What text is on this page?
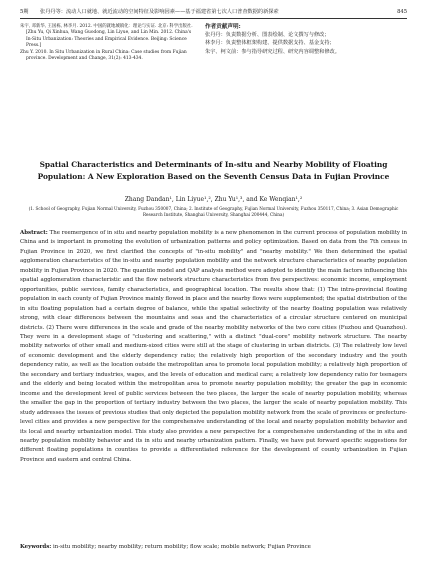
5期 张丹丹等：流动人口就地、就近流动的空间特征及影响因素——基于福建省第七次人口普查数据的新探索	845

朱宇, 邓新华, 王国栋, 林李月. 2012. 中国的就地城镇化：理论与实证. 北京: 科学出版社. [Zhu Yu, Qi Xinhua, Wang Guodong, Lin Liyue, and Lin Min. 2012. China's In-Situ Urbanization: Theories and Empirical Evidence. Beijing: Science Press.]

Zhu Y. 2010. In Situ Urbanization in Rural China: Case studies from Fujian province. Development and Change, 31(2): 413-434.

作者贡献声明:

张丹丹：负责数据分析、图表绘制、论文撰写与修改；

林李月：负责整体框架构建、提供数据支持、基金支持；

朱宇、柯文前：参与指导研究过程、研究内容调整和修改。

Spatial Characteristics and Determinants of In-situ and Nearby Mobility of Floating Population: A New Exploration Based on the Seventh Census Data in Fujian Province
Zhang Dandan¹, Lin Liyue¹,², Zhu Yu¹,³, and Ke Wenqian¹,²
(1. School of Geography, Fujian Normal University, Fuzhou 350007, China; 2. Institute of Geography, Fujian Normal University, Fuzhou 350117, China; 3. Asian Demographic Research Institute, Shanghai University, Shanghai 200444, China)
Abstract: The reemergence of in situ and nearby population mobility is a new phenomenon in the current process of population mobility in China and is important in promoting the evolution of urbanization patterns and policy optimization. Based on data from the 7th census in Fujian Province in 2020, we first clarified the concepts of "in-situ mobility" and "nearby mobility." We then determined the spatial agglomeration characteristics of the in-situ and nearby population mobility and the network structure characteristics of nearby population mobility in Fujian Province in 2020. The quantile model and QAP analysis method were adopted to identify the main factors influencing this spatial agglomeration characteristic and the flow network structure characteristics from five perspectives: economic income, employment opportunities, public services, family characteristics, and geographical location. The results show that: (1) The intra-provincial floating population in each county of Fujian Province mainly flowed in place and the nearby flows were supplemented; the spatial distribution of the in situ floating population had a certain degree of balance, while the spatial selectivity of the nearby floating population was relatively strong, with clear differences between the mountains and seas and the characteristics of a circular structure centered on municipal districts. (2) There were differences in the scale and grade of the nearby mobility networks of the two core cities (Fuzhou and Quanzhou). They were in a development stage of "clustering and scattering," with a distinct "dual-core" mobility network structure. The nearby mobility networks of other small and medium-sized cities were still at the stage of clustering in urban districts. (3) The relatively low level of economic development and the elderly dependency ratio; the relatively high proportion of the secondary industry and the youth dependency ratio, as well as the location outside the metropolitan area to promote local population mobility; a relatively high proportion of the secondary and tertiary industries, wages, and the levels of education and medical care; a relatively low dependency ratio for teenagers and the elderly and being located within the metropolitan area to promote nearby population mobility; the greater the gap in economic income and the development level of public services between the two places, the larger the scale of nearby population mobility, whereas the smaller the gap in the proportion of tertiary industry between the two places, the larger the scale of nearby population mobility. This study addresses the issues of previous studies that only depicted the population mobility network from the scale of provinces or prefecture-level cities and provides a new perspective for the comprehensive understanding of the local and nearby population mobility behavior and its local and nearby urbanization model. This study also provides a new perspective for a comprehensive understanding of the in situ and nearby population mobility behavior and its in situ and nearby urbanization pattern. Finally, we have put forward specific suggestions for different floating populations in counties to provide a differentiated reference for the development of county urbanization in Fujian Province and eastern and central China.
Keywords: in-situ mobility; nearby mobility; return mobility; flow scale; mobile network; Fujian Province
